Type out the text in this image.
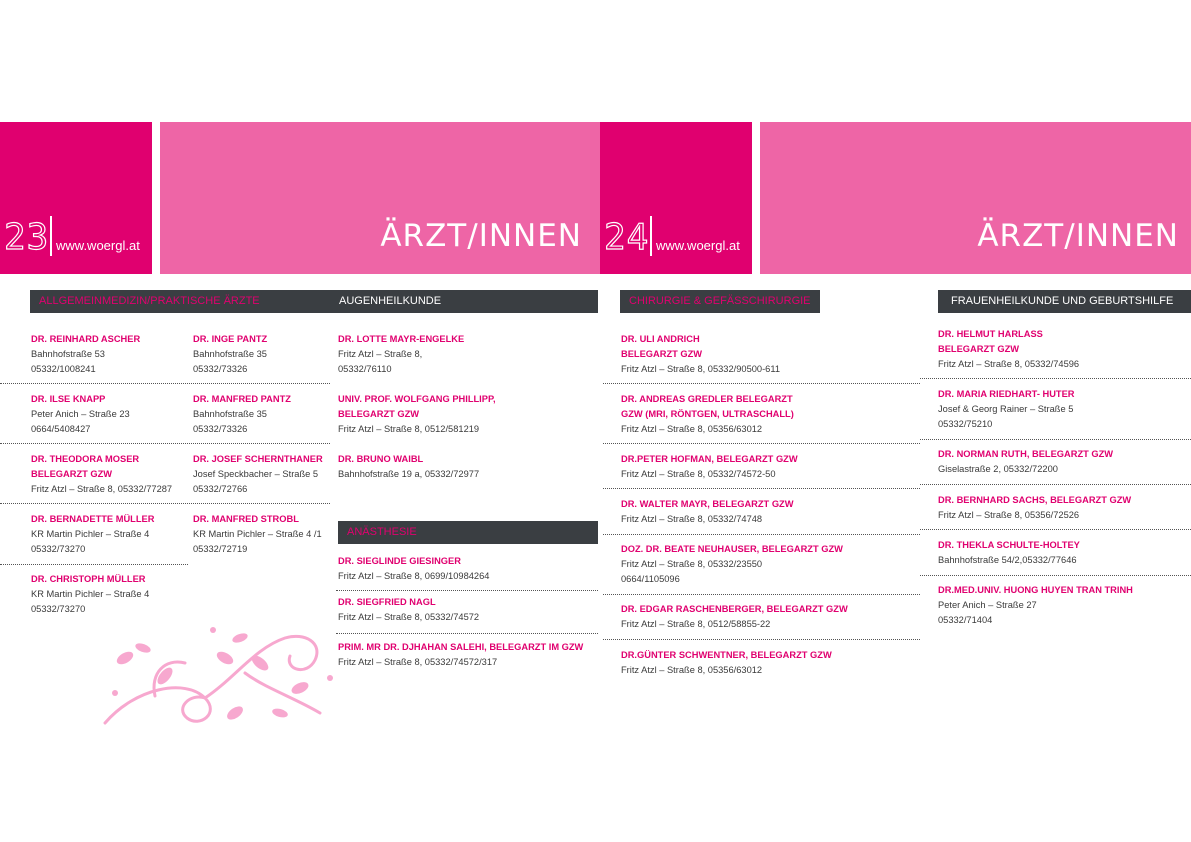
23 www.woergl.at	ÄRZT/INNEN 24 www.woergl.at	ÄRZT/INNEN
ALLGEMEINMEDIZIN/PRAKTISCHE ÄRZTE	AUGENHEILKUNDE
ANÄSTHESIE
DR. REINHARD ASCHER
Bahnhofstraße 53
05332/1008241
DR. ILSE KNAPP
Peter Anich – Straße 23
0664/5408427
DR. THEODORA MOSER
BELEGARZT GZW
Fritz Atzl – Straße 8, 05332/77287
DR. BERNADETTE MÜLLER
KR Martin Pichler – Straße 4
05332/73270
DR. CHRISTOPH MÜLLER
KR Martin Pichler – Straße 4
05332/73270
DR. INGE PANTZ
Bahnhofstraße 35
05332/73326
DR. MANFRED PANTZ
Bahnhofstraße 35
05332/73326
DR. JOSEF SCHERNTHANER
Josef Speckbacher – Straße 5
05332/72766
DR. MANFRED STROBL
KR Martin Pichler – Straße 4 /1
05332/72719
DR. LOTTE MAYR-ENGELKE
Fritz Atzl – Straße 8,
05332/76110
UNIV. PROF. WOLFGANG PHILLIPP,
BELEGARZT GZW
Fritz Atzl – Straße 8, 0512/581219
DR. BRUNO WAIBL
Bahnhofstraße 19 a, 05332/72977
DR. SIEGLINDE GIESINGER
Fritz Atzl – Straße 8, 0699/10984264
DR. SIEGFRIED NAGL
Fritz Atzl – Straße 8, 05332/74572
PRIM. MR DR. DJHAHAN SALEHI, BELEGARZT IM GZW
Fritz Atzl – Straße 8, 05332/74572/317
CHIRURGIE & GEFÄSSCHIRURGIE	FRAUENHEILKUNDE UND GEBURTSHILFE
DR. ULI ANDRICH
BELEGARZT GZW
Fritz Atzl – Straße 8, 05332/90500-611
DR. ANDREAS GREDLER BELEGARZT
GZW (MRI, RÖNTGEN, ULTRASCHALL)
Fritz Atzl – Straße 8, 05356/63012
DR.PETER HOFMAN, BELEGARZT GZW
Fritz Atzl – Straße 8, 05332/74572-50
DR. WALTER MAYR, BELEGARZT GZW
Fritz Atzl – Straße 8, 05332/74748
DOZ. DR. BEATE NEUHAUSER, BELEGARZT GZW
Fritz Atzl – Straße 8, 05332/23550
0664/1105096
DR. EDGAR RASCHENBERGER, BELEGARZT GZW
Fritz Atzl – Straße 8, 0512/58855-22
DR.GÜNTER SCHWENTNER, BELEGARZT GZW
Fritz Atzl – Straße 8, 05356/63012
DR. HELMUT HARLASS
BELEGARZT GZW
Fritz Atzl – Straße 8, 05332/74596
DR. MARIA RIEDHART- HUTER
Josef & Georg Rainer – Straße 5
05332/75210
DR. NORMAN RUTH, BELEGARZT GZW
Giselastraße 2, 05332/72200
DR. BERNHARD SACHS, BELEGARZT GZW
Fritz Atzl – Straße 8, 05356/72526
DR. THEKLA SCHULTE-HOLTEY
Bahnhofstraße 54/2,05332/77646
DR.MED.UNIV. HUONG HUYEN TRAN TRINH
Peter Anich – Straße 27
05332/71404
